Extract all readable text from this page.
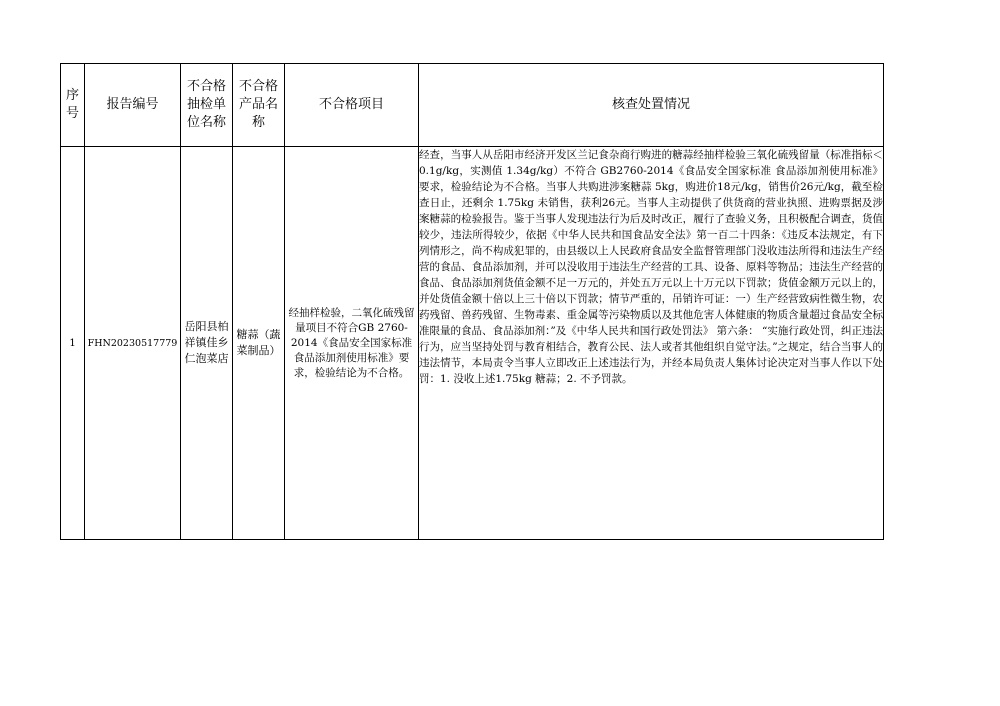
序号	报告编号	不合格抽检单位名称	不合格产品名称	不合格项目	核查处置情况

1	FHN20230517779	岳阳县柏祥镇佳乡仁泡菜店	糖蒜（蔬菜制品）	经抽样检验，二氧化硫残留量项目不符合GB 2760-2014《食品安全国家标准 食品添加剂使用标准》要求，检验结论为不合格。	经查，当事人从岳阳市经济开发区兰记食杂商行购进的糖蒜经抽样检验三氧化硫残留量（标准指标＜0.1g/kg，实测值 1.34g/kg）不符合 GB2760-2014《食品安全国家标准 食品添加剂使用标准》 要求，检验结论为不合格。当事人共购进涉案糖蒜 5kg，购进价18元/kg，销售价26元/kg，截至检查日止，还剩余 1.75kg 未销售，获利26元。当事人主动提供了供货商的营业执照、进购票据及涉案糖蒜的检验报告。鉴于当事人发现违法行为后及时改正，履行了查验义务，且积极配合调查，货值较少，违法所得较少，依据《中华人民共和国食品安全法》第一百二十四条：《违反本法规定，有下列情形之，尚不构成犯罪的，由县级以上人民政府食品安全监督管理部门没收违法所得和违法生产经营的食品、食品添加剂，并可以没收用于违法生产经营的工具、设备、原料等物品；违法生产经营的食品、食品添加剂货值金额不足一万元的，并处五万元以上十万元以下罚款；货值金额万元以上的，并处货值金额十倍以上三十倍以下罚款；情节严重的，吊销许可证：一）生产经营致病性微生物，农药残留、兽药残留、生物毒素、重金属等污染物质以及其他危害人体健康的物质含量超过食品安全标准限量的食品、食品添加剂：”及《中华人民共和国行政处罚法》 第六条： “实施行政处罚，纠正违法行为，应当坚持处罚与教育相结合，教育公民、法人或者其他组织自觉守法。”之规定，结合当事人的违法情节，本局责令当事人立即改正上述违法行为，并经本局负责人集体讨论决定对当事人作以下处罚：1. 没收上述1.75kg 糖蒜；2. 不予罚款。
